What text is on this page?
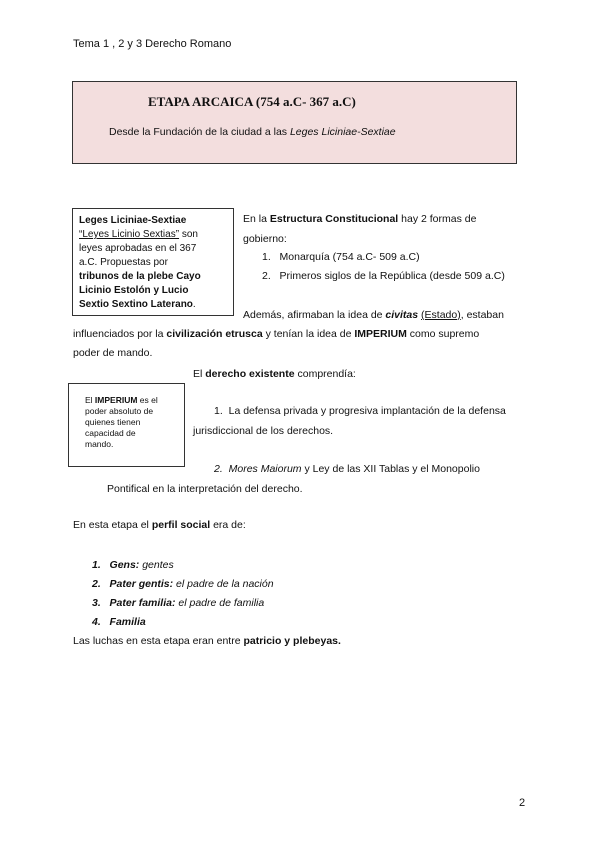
Tema 1 , 2 y 3 Derecho Romano
ETAPA ARCAICA (754 a.C- 367 a.C)
Desde la Fundación de la ciudad a las Leges Liciniae-Sextiae
Leges Liciniae-Sextiae
“Leyes Licinio Sextias” son
leyes aprobadas en el 367
a.C. Propuestas por
tribunos de la plebe Cayo
Licinio Estolón y Lucio
Sextio Sextino Laterano.
El IMPERIUM es el
poder absoluto de
quienes tienen
capacidad de
mando.
En la Estructura Constitucional hay 2 formas de
gobierno:
1. Monarquía (754 a.C- 509 a.C)
2. Primeros siglos de la República (desde 509 a.C)
Además, afirmaban la idea de civitas (Estado), estaban
influenciados por la civilización etrusca y tenían la idea de IMPERIUM como supremo
poder de mando.
El derecho existente comprendía:
1. La defensa privada y progresiva implantación de la defensa
jurisdiccional de los derechos.
2. Mores Maiorum y Ley de las XII Tablas y el Monopolio
Pontifical en la interpretación del derecho.
En esta etapa el perfil social era de:
1. Gens: gentes
2. Pater gentis: el padre de la nación
3. Pater familia: el padre de familia
4. Familia
Las luchas en esta etapa eran entre patricio y plebeyas.
2
